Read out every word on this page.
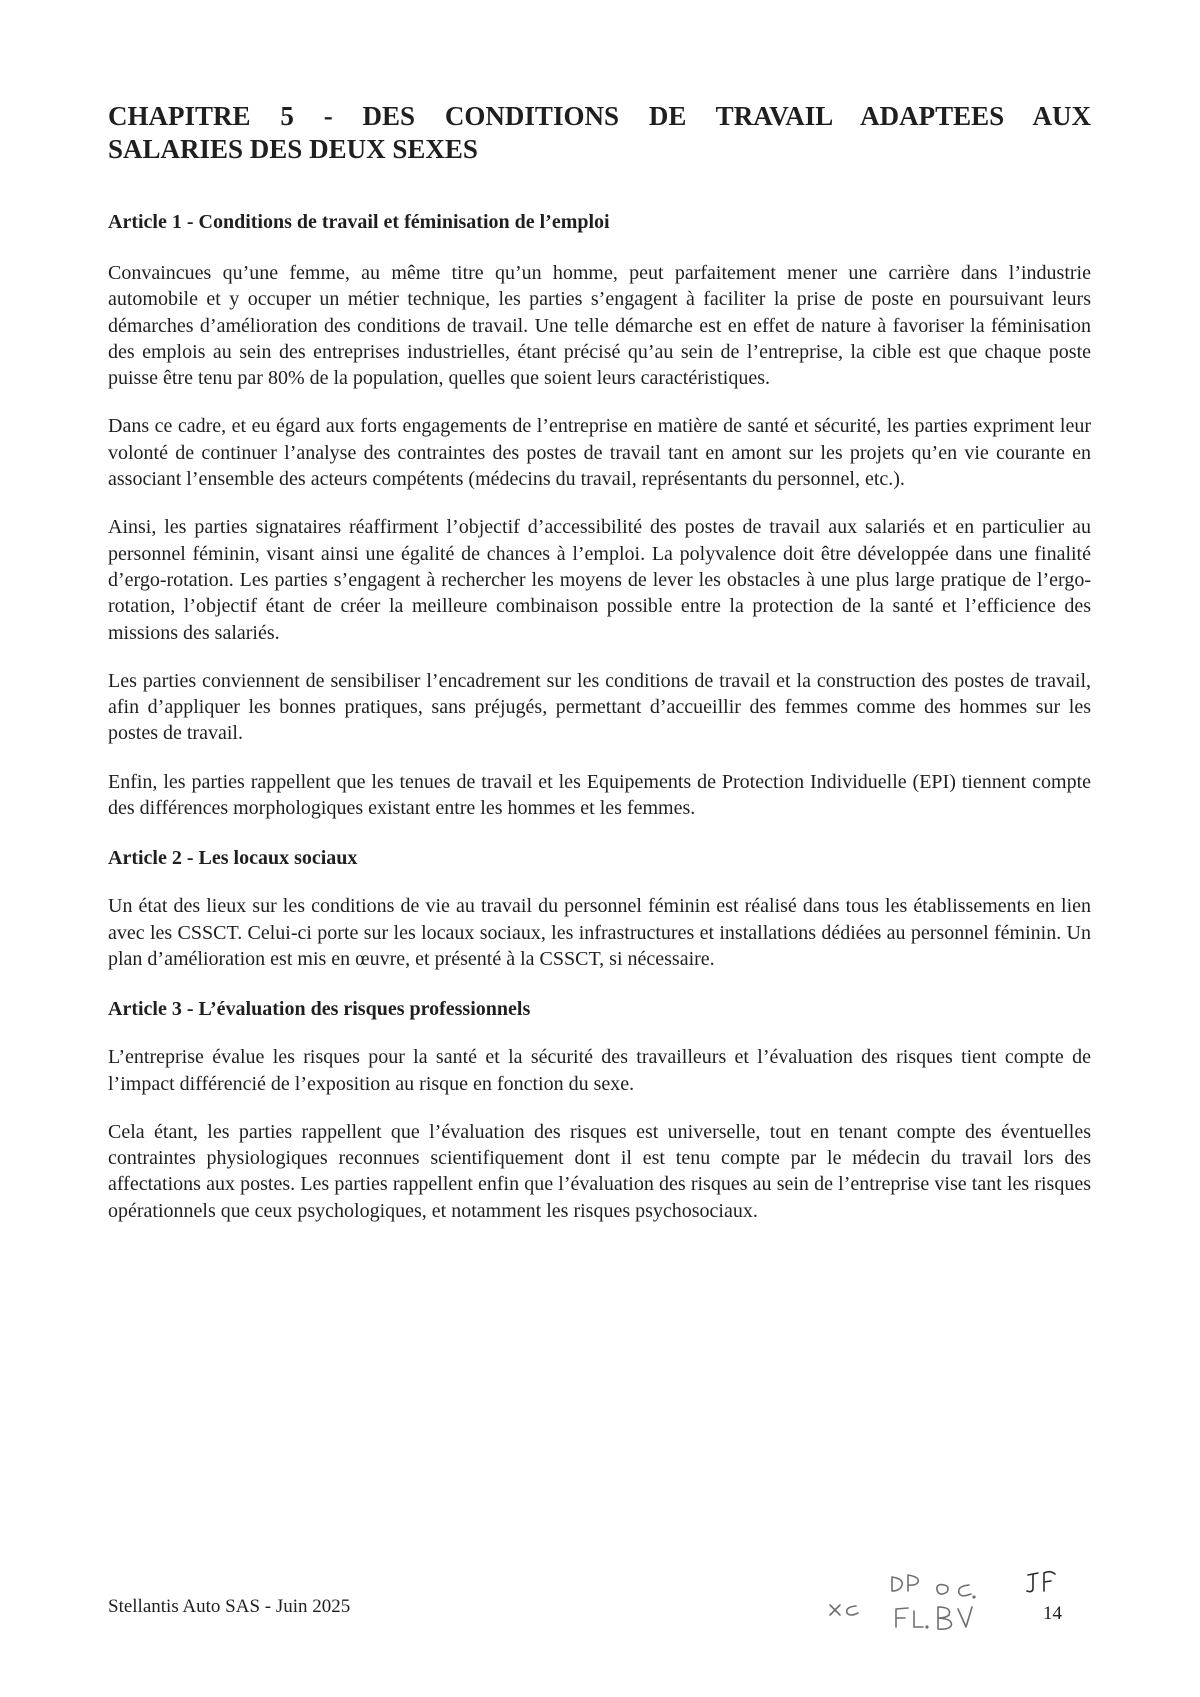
CHAPITRE 5 - DES CONDITIONS DE TRAVAIL ADAPTEES AUX
SALARIES DES DEUX SEXES
Article 1 - Conditions de travail et féminisation de l’emploi

Convaincues qu’une femme, au même titre qu’un homme, peut parfaitement mener une carrière dans l’industrie automobile et y occuper un métier technique, les parties s’engagent à faciliter la prise de poste en poursuivant leurs démarches d’amélioration des conditions de travail. Une telle démarche est en effet de nature à favoriser la féminisation des emplois au sein des entreprises industrielles, étant précisé qu’au sein de l’entreprise, la cible est que chaque poste puisse être tenu par 80% de la population, quelles que soient leurs caractéristiques.

Dans ce cadre, et eu égard aux forts engagements de l’entreprise en matière de santé et sécurité, les parties expriment leur volonté de continuer l’analyse des contraintes des postes de travail tant en amont sur les projets qu’en vie courante en associant l’ensemble des acteurs compétents (médecins du travail, représentants du personnel, etc.).

Ainsi, les parties signataires réaffirment l’objectif d’accessibilité des postes de travail aux salariés et en particulier au personnel féminin, visant ainsi une égalité de chances à l’emploi. La polyvalence doit être développée dans une finalité d’ergo-rotation. Les parties s’engagent à rechercher les moyens de lever les obstacles à une plus large pratique de l’ergo-rotation, l’objectif étant de créer la meilleure combinaison possible entre la protection de la santé et l’efficience des missions des salariés.

Les parties conviennent de sensibiliser l’encadrement sur les conditions de travail et la construction des postes de travail, afin d’appliquer les bonnes pratiques, sans préjugés, permettant d’accueillir des femmes comme des hommes sur les postes de travail.

Enfin, les parties rappellent que les tenues de travail et les Equipements de Protection Individuelle (EPI) tiennent compte des différences morphologiques existant entre les hommes et les femmes.

Article 2 - Les locaux sociaux

Un état des lieux sur les conditions de vie au travail du personnel féminin est réalisé dans tous les établissements en lien avec les CSSCT. Celui-ci porte sur les locaux sociaux, les infrastructures et installations dédiées au personnel féminin. Un plan d’amélioration est mis en œuvre, et présenté à la CSSCT, si nécessaire.

Article 3 - L’évaluation des risques professionnels

L’entreprise évalue les risques pour la santé et la sécurité des travailleurs et l’évaluation des risques tient compte de l’impact différencié de l’exposition au risque en fonction du sexe.

Cela étant, les parties rappellent que l’évaluation des risques est universelle, tout en tenant compte des éventuelles contraintes physiologiques reconnues scientifiquement dont il est tenu compte par le médecin du travail lors des affectations aux postes. Les parties rappellent enfin que l’évaluation des risques au sein de l’entreprise vise tant les risques opérationnels que ceux psychologiques, et notamment les risques psychosociaux.

Stellantis Auto SAS - Juin 2025	14
